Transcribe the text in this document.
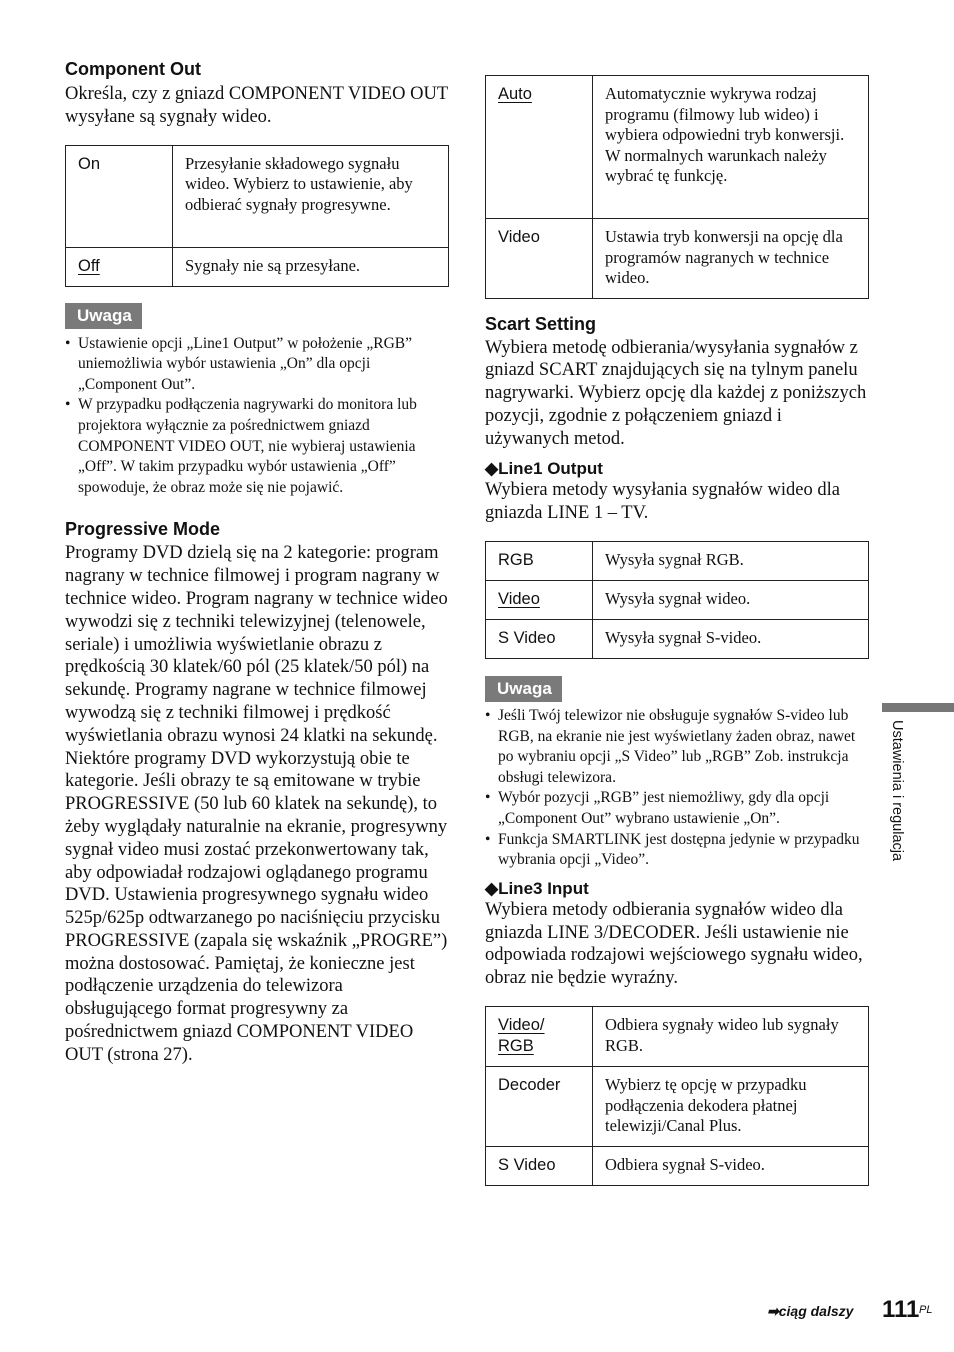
Component Out

Określa, czy z gniazd COMPONENT VIDEO OUT wysyłane są sygnały wideo.

On	Przesyłanie składowego sygnału wideo. Wybierz to ustawienie, aby odbierać sygnały progresywne.
Off	Sygnały nie są przesyłane.
Uwaga
• Ustawienie opcji „Line1 Output” w położenie „RGB” uniemożliwia wybór ustawienia „On” dla opcji „Component Out”.
• W przypadku podłączenia nagrywarki do monitora lub projektora wyłącznie za pośrednictwem gniazd COMPONENT VIDEO OUT, nie wybieraj ustawienia „Off”. W takim przypadku wybór ustawienia „Off” spowoduje, że obraz może się nie pojawić.
Progressive Mode

Programy DVD dzielą się na 2 kategorie: program nagrany w technice filmowej i program nagrany w technice wideo. Program nagrany w technice wideo wywodzi się z techniki telewizyjnej (telenowele, seriale) i umożliwia wyświetlanie obrazu z prędkością 30 klatek/60 pól (25 klatek/50 pól) na sekundę. Programy nagrane w technice filmowej wywodzą się z techniki filmowej i prędkość wyświetlania obrazu wynosi 24 klatki na sekundę. Niektóre programy DVD wykorzystują obie te kategorie. Jeśli obrazy te są emitowane w trybie PROGRESSIVE (50 lub 60 klatek na sekundę), to żeby wyglądały naturalnie na ekranie, progresywny sygnał video musi zostać przekonwertowany tak, aby odpowiadał rodzajowi oglądanego programu DVD. Ustawienia progresywnego sygnału wideo 525p/625p odtwarzanego po naciśnięciu przycisku PROGRESSIVE (zapala się wskaźnik „PROGRE”) można dostosować. Pamiętaj, że konieczne jest podłączenie urządzenia do telewizora obsługującego format progresywny za pośrednictwem gniazd COMPONENT VIDEO OUT (strona 27).

Auto	Automatycznie wykrywa rodzaj programu (filmowy lub wideo) i wybiera odpowiedni tryb konwersji. W normalnych warunkach należy wybrać tę funkcję.
Video	Ustawia tryb konwersji na opcję dla programów nagranych w technice wideo.
Scart Setting

Wybiera metodę odbierania/wysyłania sygnałów z gniazd SCART znajdujących się na tylnym panelu nagrywarki. Wybierz opcję dla każdej z poniższych pozycji, zgodnie z połączeniem gniazd i używanych metod.

◆Line1 Output

Wybiera metody wysyłania sygnałów wideo dla gniazda LINE 1 – TV.

RGB	Wysyła sygnał RGB.
Video	Wysyła sygnał wideo.
S Video	Wysyła sygnał S-video.
Uwaga
• Jeśli Twój telewizor nie obsługuje sygnałów S-video lub RGB, na ekranie nie jest wyświetlany żaden obraz, nawet po wybraniu opcji „S Video” lub „RGB” Zob. instrukcja obsługi telewizora.
• Wybór pozycji „RGB” jest niemożliwy, gdy dla opcji „Component Out” wybrano ustawienie „On”.
• Funkcja SMARTLINK jest dostępna jedynie w przypadku wybrania opcji „Video”.
◆Line3 Input

Wybiera metody odbierania sygnałów wideo dla gniazda LINE 3/DECODER. Jeśli ustawienie nie odpowiada rodzajowi wejściowego sygnału wideo, obraz nie będzie wyraźny.

Video/
RGB	Odbiera sygnały wideo lub sygnały RGB.
Decoder	Wybierz tę opcję w przypadku podłączenia dekodera płatnej telewizji/Canal Plus.
S Video	Odbiera sygnał S-video.
Ustawienia i regulacja
➡ciąg dalszy 111 PL
